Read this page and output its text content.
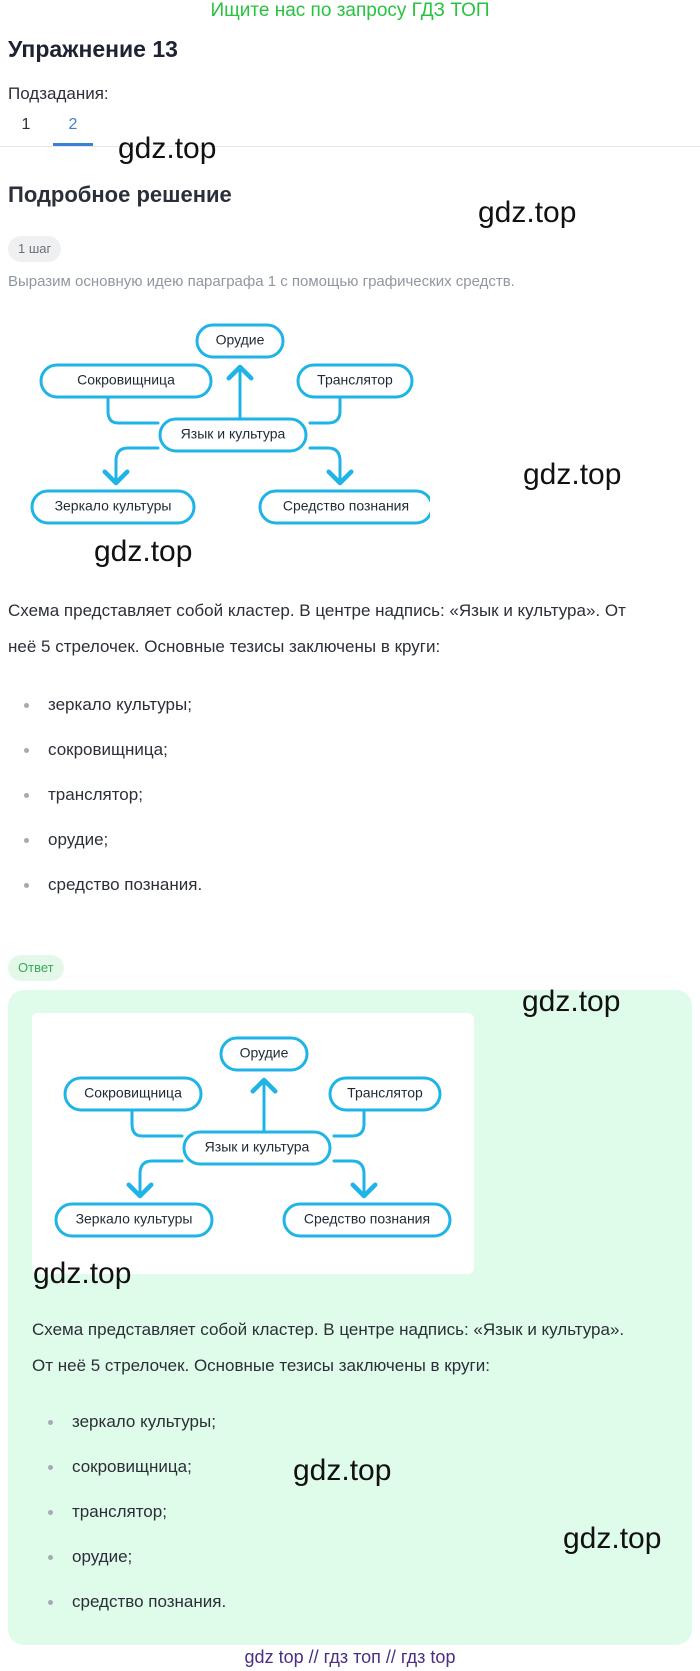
Ищите нас по запросу ГДЗ ТОП
Упражнение 13
Подзадания:
1	2
gdz.top
Подробное решение
gdz.top
1 шаг
Выразим основную идею параграфа 1 с помощью графических средств.
Орудие
Сокровищница	Транслятор
Язык и культура
Зеркало культуры	Средство познания
gdz.top
gdz.top
Схема представляет собой кластер. В центре надпись: «Язык и культура». От
неё 5 стрелочек. Основные тезисы заключены в круги:
зеркало культуры;
сокровищница;
транслятор;
орудие;
средство познания.
Ответ
gdz.top
Орудие
Сокровищница	Транслятор
Язык и культура
Зеркало культуры	Средство познания
gdz.top
Схема представляет собой кластер. В центре надпись: «Язык и культура».
От неё 5 стрелочек. Основные тезисы заключены в круги:
зеркало культуры;
сокровищница;
транслятор;
орудие;
средство познания.
gdz.top
gdz.top
gdz top // гдз топ // гдз top
